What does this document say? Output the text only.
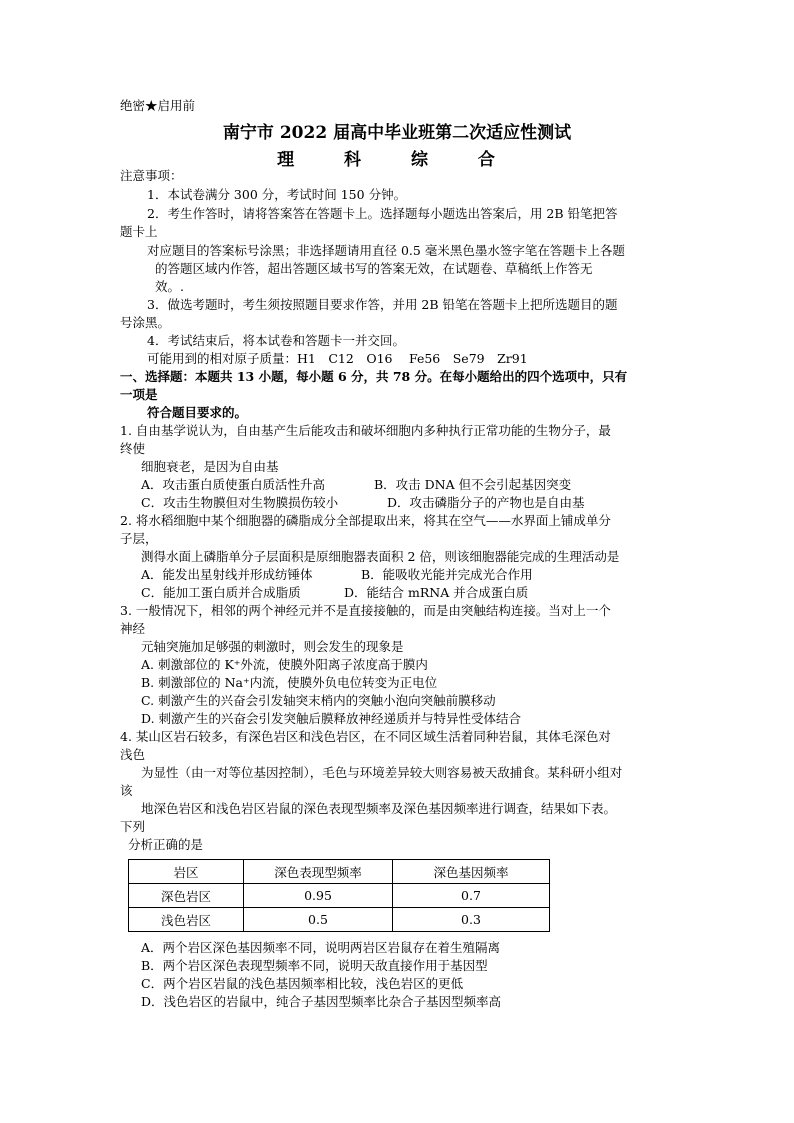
绝密★启用前
南宁市 2022 届高中毕业班第二次适应性测试
理 科 综 合
注意事项：
1．本试卷满分 300 分，考试时间 150 分钟。
2．考生作答时，请将答案答在答题卡上。选择题每小题选出答案后，用 2B 铅笔把答
题卡上
对应题目的答案标号涂黑；非选择题请用直径 0.5 毫米黑色墨水签字笔在答题卡上各题
的答题区域内作答，超出答题区域书写的答案无效，在试题卷、草稿纸上作答无
效。.
3．做选考题时，考生须按照题目要求作答，并用 2B 铅笔在答题卡上把所选题目的题
号涂黑。
4．考试结束后，将本试卷和答题卡一并交回。
可能用到的相对原子质量：H1　C12　O16　 Fe56　Se79　Zr91
一、选择题：本题共 13 小题，每小题 6 分，共 78 分。在每小题给出的四个选项中，只有
一项是
符合题目要求的。
1. 自由基学说认为，自由基产生后能攻击和破坏细胞内多种执行正常功能的生物分子，最
终使
细胞衰老，是因为自由基
A．攻击蛋白质使蛋白质活性升高	B．攻击 DNA 但不会引起基因突变
C．攻击生物膜但对生物膜损伤较小	D．攻击磷脂分子的产物也是自由基
2. 将水稻细胞中某个细胞器的磷脂成分全部提取出来，将其在空气——水界面上铺成单分
子层，
测得水面上磷脂单分子层面积是原细胞器表面积 2 倍，则该细胞器能完成的生理活动是
A．能发出星射线并形成纺锤体	B．能吸收光能并完成光合作用
C．能加工蛋白质并合成脂质	D．能结合 mRNA 并合成蛋白质
3. 一般情况下，相邻的两个神经元并不是直接接触的，而是由突触结构连接。当对上一个
神经
元轴突施加足够强的刺激时，则会发生的现象是
A. 刺激部位的 K⁺外流，使膜外阳离子浓度高于膜内
B. 刺激部位的 Na⁺内流，使膜外负电位转变为正电位
C. 刺激产生的兴奋会引发轴突末梢内的突触小泡向突触前膜移动
D. 刺激产生的兴奋会引发突触后膜释放神经递质并与特异性受体结合
4. 某山区岩石较多，有深色岩区和浅色岩区，在不同区域生活着同种岩鼠，其体毛深色对
浅色
为显性（由一对等位基因控制），毛色与环境差异较大则容易被天敌捕食。某科研小组对
该
地深色岩区和浅色岩区岩鼠的深色表现型频率及深色基因频率进行调查，结果如下表。
下列
分析正确的是
岩区	深色表现型频率	深色基因频率
深色岩区	0.95	0.7
浅色岩区	0.5	0.3
A．两个岩区深色基因频率不同，说明两岩区岩鼠存在着生殖隔离
B．两个岩区深色表现型频率不同，说明天敌直接作用于基因型
C．两个岩区岩鼠的浅色基因频率相比较，浅色岩区的更低
D．浅色岩区的岩鼠中，纯合子基因型频率比杂合子基因型频率高
